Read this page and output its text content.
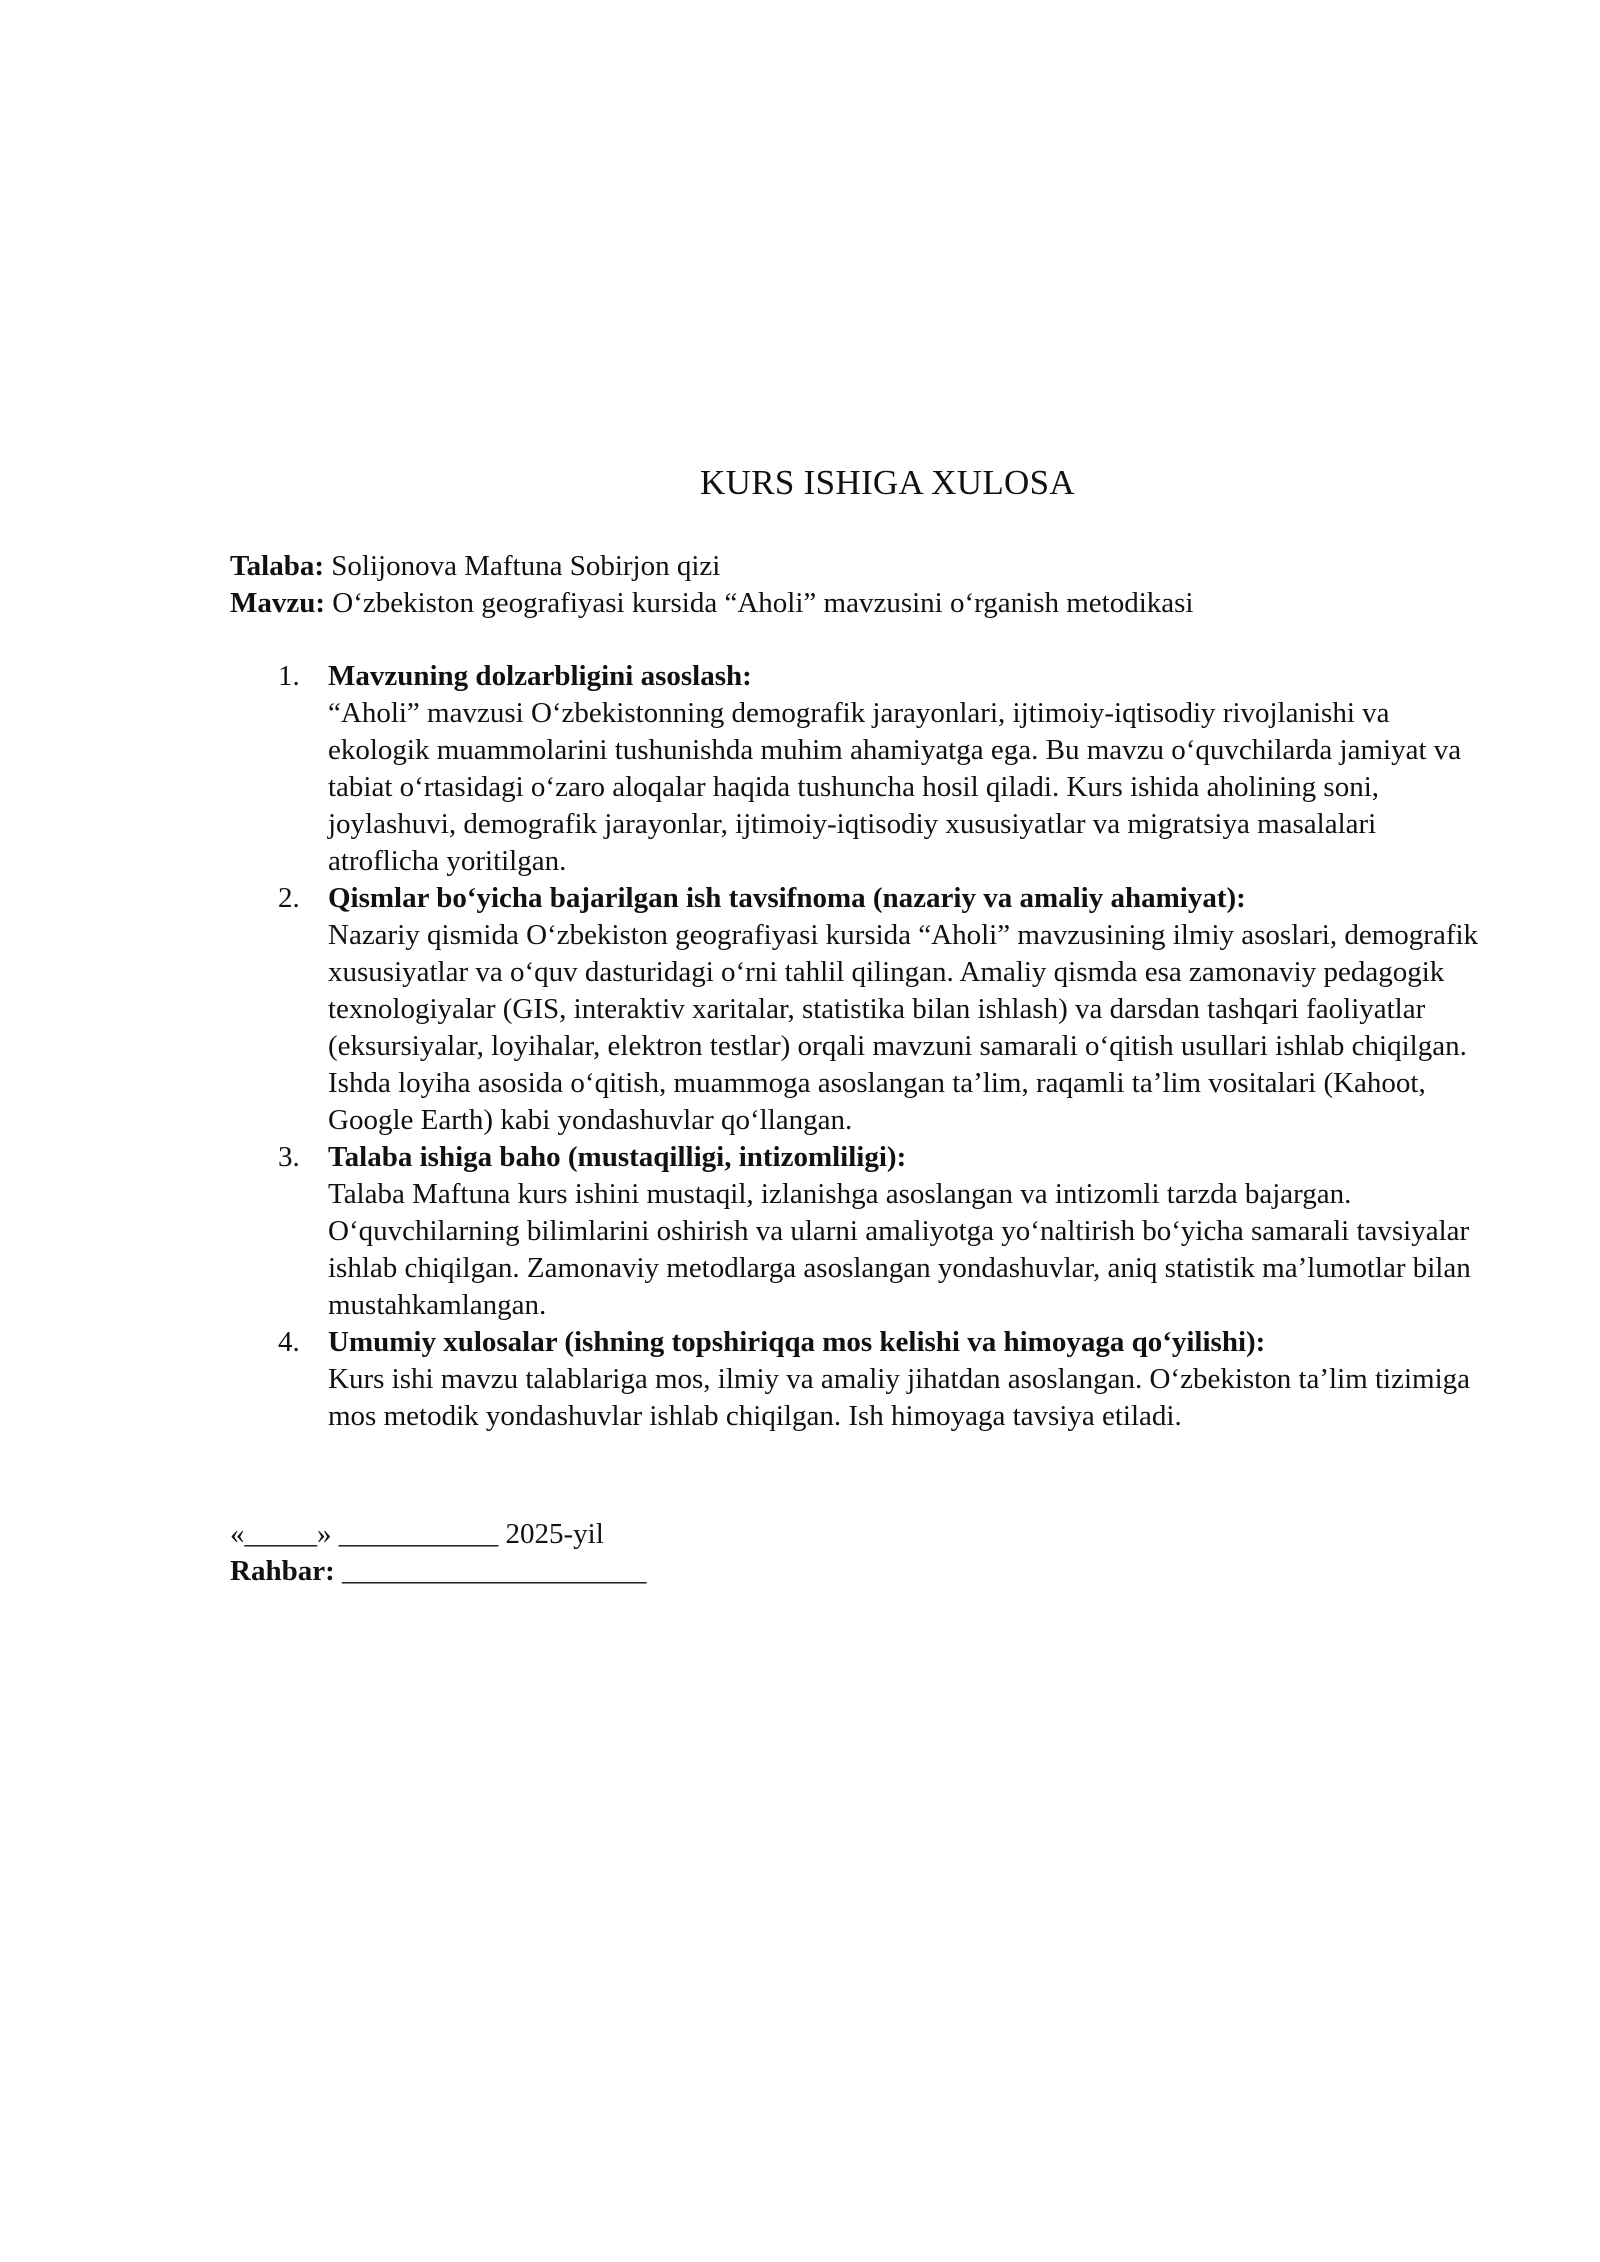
KURS ISHIGA XULOSA
Talaba: Solijonova Maftuna Sobirjon qizi
Mavzu: O‘zbekiston geografiyasi kursida “Aholi” mavzusini o‘rganish metodikasi
1. Mavzuning dolzarbligini asoslash:
“Aholi” mavzusi O‘zbekistonning demografik jarayonlari, ijtimoiy-iqtisodiy rivojlanishi va ekologik muammolarini tushunishda muhim ahamiyatga ega. Bu mavzu o‘quvchilarda jamiyat va tabiat o‘rtasidagi o‘zaro aloqalar haqida tushuncha hosil qiladi. Kurs ishida aholining soni, joylashuvi, demografik jarayonlar, ijtimoiy-iqtisodiy xususiyatlar va migratsiya masalalari atroflicha yoritilgan.
2. Qismlar bo‘yicha bajarilgan ish tavsifnoma (nazariy va amaliy ahamiyat):
Nazariy qismida O‘zbekiston geografiyasi kursida “Aholi” mavzusining ilmiy asoslari, demografik xususiyatlar va o‘quv dasturidagi o‘rni tahlil qilingan. Amaliy qismda esa zamonaviy pedagogik texnologiyalar (GIS, interaktiv xaritalar, statistika bilan ishlash) va darsdan tashqari faoliyatlar (eksursiyalar, loyihalar, elektron testlar) orqali mavzuni samarali o‘qitish usullari ishlab chiqilgan. Ishda loyiha asosida o‘qitish, muammoga asoslangan ta’lim, raqamli ta’lim vositalari (Kahoot, Google Earth) kabi yondashuvlar qo‘llangan.
3. Talaba ishiga baho (mustaqilligi, intizomliligi):
Talaba Maftuna kurs ishini mustaqil, izlanishga asoslangan va intizomli tarzda bajargan. O‘quvchilarning bilimlarini oshirish va ularni amaliyotga yo‘naltirish bo‘yicha samarali tavsiyalar ishlab chiqilgan. Zamonaviy metodlarga asoslangan yondashuvlar, aniq statistik ma’lumotlar bilan mustahkamlangan.
4. Umumiy xulosalar (ishning topshiriqqa mos kelishi va himoyaga qo‘yilishi):
Kurs ishi mavzu talablariga mos, ilmiy va amaliy jihatdan asoslangan. O‘zbekiston ta’lim tizimiga mos metodik yondashuvlar ishlab chiqilgan. Ish himoyaga tavsiya etiladi.
«_____» ___________ 2025-yil
Rahbar: _____________________
